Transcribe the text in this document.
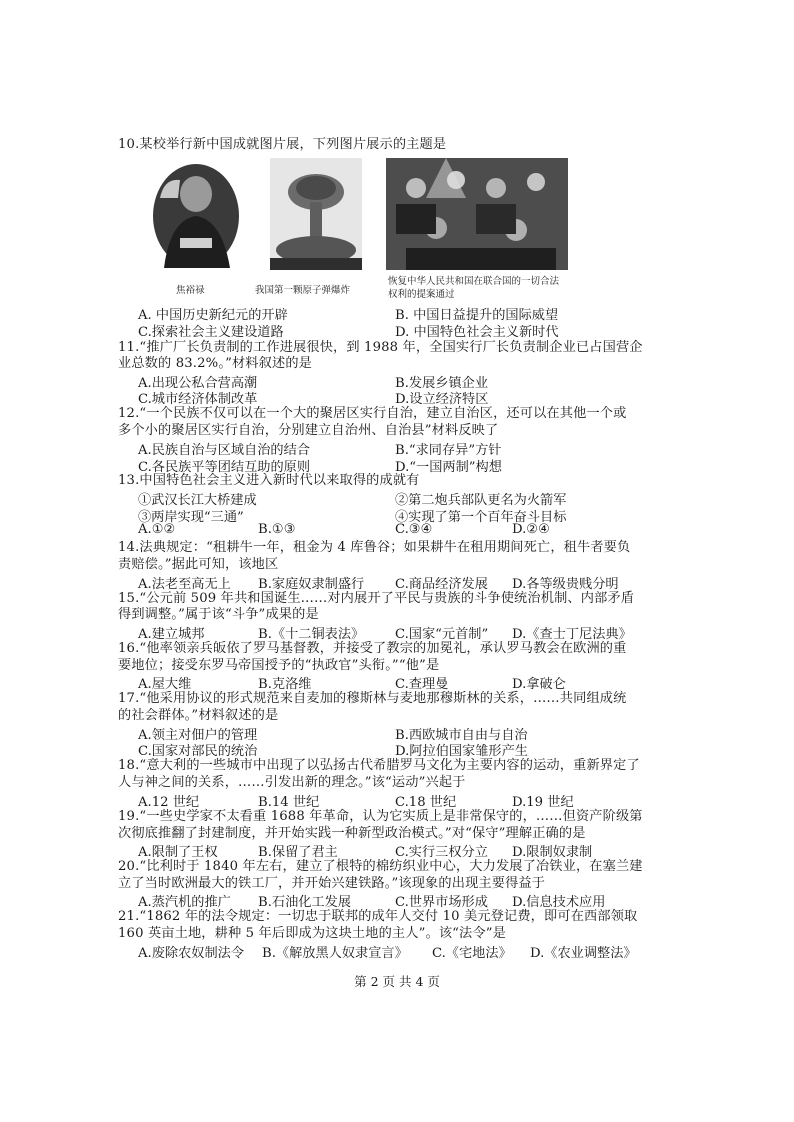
10.某校举行新中国成就图片展，下列图片展示的主题是
焦裕禄	我国第一颗原子弹爆炸
恢复中华人民共和国在联合国的一切合法
权利的提案通过
A. 中国历史新纪元的开辟	B. 中国日益提升的国际威望
C.探索社会主义建设道路	D. 中国特色社会主义新时代
11.“推广厂长负责制的工作进展很快，到 1988 年，全国实行厂长负责制企业已占国营企
业总数的 83.2%。”材料叙述的是
A.出现公私合营高潮	B.发展乡镇企业
C.城市经济体制改革	D.设立经济特区
12.“一个民族不仅可以在一个大的聚居区实行自治，建立自治区，还可以在其他一个或
多个小的聚居区实行自治，分别建立自治州、自治县”材料反映了
A.民族自治与区域自治的结合	B.“求同存异”方针
C.各民族平等团结互助的原则	D.“一国两制”构想
13.中国特色社会主义进入新时代以来取得的成就有
①武汉长江大桥建成	②第二炮兵部队更名为火箭军
③两岸实现“三通”	④实现了第一个百年奋斗目标
A.①②	B.①③	C.③④	D.②④
14.法典规定：“租耕牛一年，租金为 4 库鲁谷；如果耕牛在租用期间死亡，租牛者要负
责赔偿。”据此可知，该地区
A.法老至高无上 B.家庭奴隶制盛行 C.商品经济发展 D.各等级贵贱分明
15.“公元前 509 年共和国诞生……对内展开了平民与贵族的斗争使统治机制、内部矛盾
得到调整。”属于该“斗争”成果的是
A.建立城邦	B.《十二铜表法》 C.国家“元首制” D.《查士丁尼法典》
16.“他率领亲兵皈依了罗马基督教，并接受了教宗的加冕礼，承认罗马教会在欧洲的重
要地位；接受东罗马帝国授予的“执政官”头衔。”“他”是
A.屋大维	B.克洛维	C.查理曼	D.拿破仑
17.“他采用协议的形式规范来自麦加的穆斯林与麦地那穆斯林的关系，……共同组成统
的社会群体。”材料叙述的是
A.领主对佃户的管理	B.西欧城市自由与自治
C.国家对部民的统治	D.阿拉伯国家雏形产生
18.“意大利的一些城市中出现了以弘扬古代希腊罗马文化为主要内容的运动，重新界定了
人与神之间的关系，……引发出新的理念。”该“运动”兴起于
A.12 世纪	B.14 世纪	C.18 世纪	D.19 世纪
19.“一些史学家不太看重 1688 年革命，认为它实质上是非常保守的，……但资产阶级第
次彻底推翻了封建制度，并开始实践一种新型政治模式。”对“保守”理解正确的是
A.限制了王权	B.保留了君主	C.实行三权分立 D.限制奴隶制
20.“比利时于 1840 年左右，建立了根特的棉纺织业中心，大力发展了冶铁业，在塞兰建
立了当时欧洲最大的铁工厂，并开始兴建铁路。”该现象的出现主要得益于
A.蒸汽机的推广 B.石油化工发展	C.世界市场形成 D.信息技术应用
21.“1862 年的法令规定：一切忠于联邦的成年人交付 10 美元登记费，即可在西部领取
160 英亩土地，耕种 5 年后即成为这块土地的主人”。该“法令”是
A.废除农奴制法令 B.《解放黑人奴隶宣言》 C.《宅地法》 D.《农业调整法》
第 2 页 共 4 页
